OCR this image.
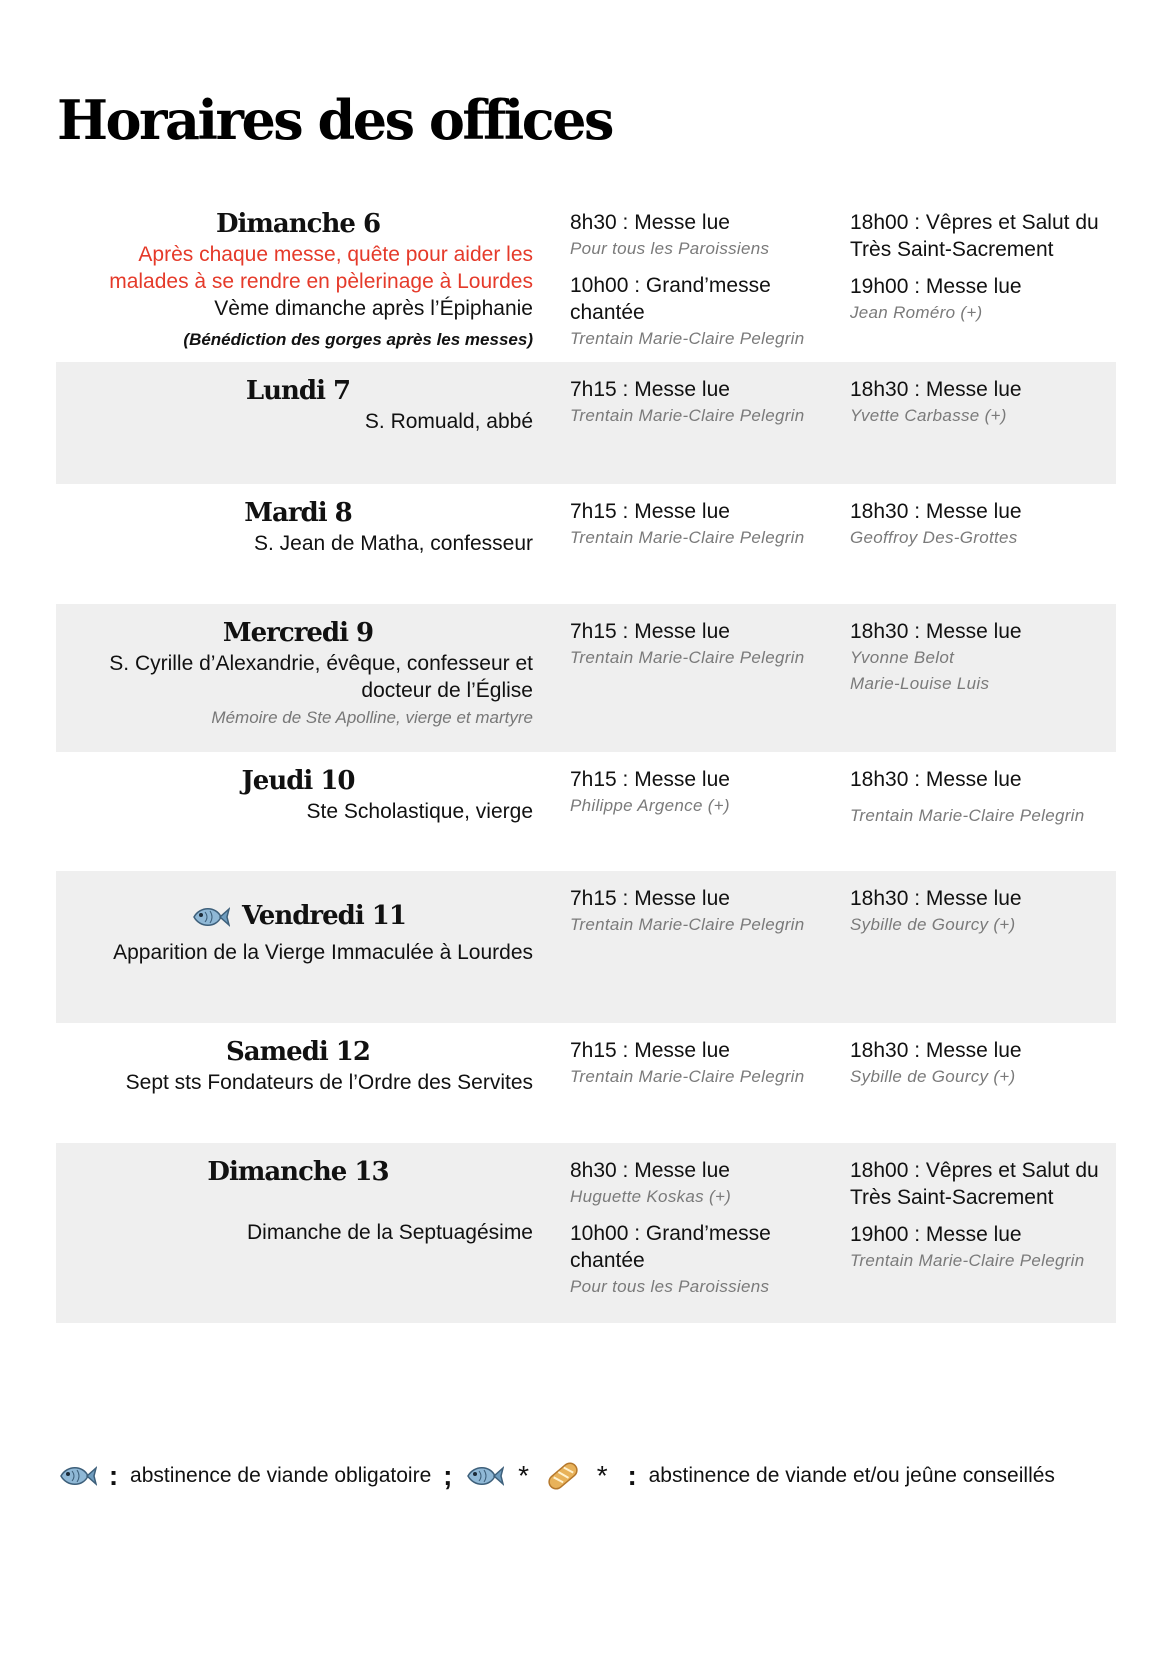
Horaires des offices
Dimanche 6
Après chaque messe, quête pour aider les malades à se rendre en pèlerinage à Lourdes
Vème dimanche après l’Épiphanie
(Bénédiction des gorges après les messes)
8h30 : Messe lue
Pour tous les Paroissiens
10h00 : Grand’messe chantée
Trentain Marie-Claire Pelegrin
18h00 : Vêpres et Salut du Très Saint-Sacrement
19h00 : Messe lue
Jean Roméro (+)
Lundi 7
S. Romuald, abbé
7h15 : Messe lue
Trentain Marie-Claire Pelegrin
18h30 : Messe lue
Yvette Carbasse (+)
Mardi 8
S. Jean de Matha, confesseur
7h15 : Messe lue
Trentain Marie-Claire Pelegrin
18h30 : Messe lue
Geoffroy Des-Grottes
Mercredi 9
S. Cyrille d’Alexandrie, évêque, confesseur et docteur de l’Église
Mémoire de Ste Apolline, vierge et martyre
7h15 : Messe lue
Trentain Marie-Claire Pelegrin
18h30 : Messe lue
Yvonne Belot
Marie-Louise Luis
Jeudi 10
Ste Scholastique, vierge
7h15 : Messe lue
Philippe Argence (+)
18h30 : Messe lue
Trentain Marie-Claire Pelegrin
Vendredi 11
Apparition de la Vierge Immaculée à Lourdes
7h15 : Messe lue
Trentain Marie-Claire Pelegrin
18h30 : Messe lue
Sybille de Gourcy (+)
Samedi 12
Sept sts Fondateurs de l’Ordre des Servites
7h15 : Messe lue
Trentain Marie-Claire Pelegrin
18h30 : Messe lue
Sybille de Gourcy (+)
Dimanche 13
Dimanche de la Septuagésime
8h30 : Messe lue
Huguette Koskas (+)
10h00 : Grand’messe chantée
Pour tous les Paroissiens
18h00 : Vêpres et Salut du Très Saint-Sacrement
19h00 : Messe lue
Trentain Marie-Claire Pelegrin
: abstinence de viande obligatoire ; * * : abstinence de viande et/ou jeûne conseillés
